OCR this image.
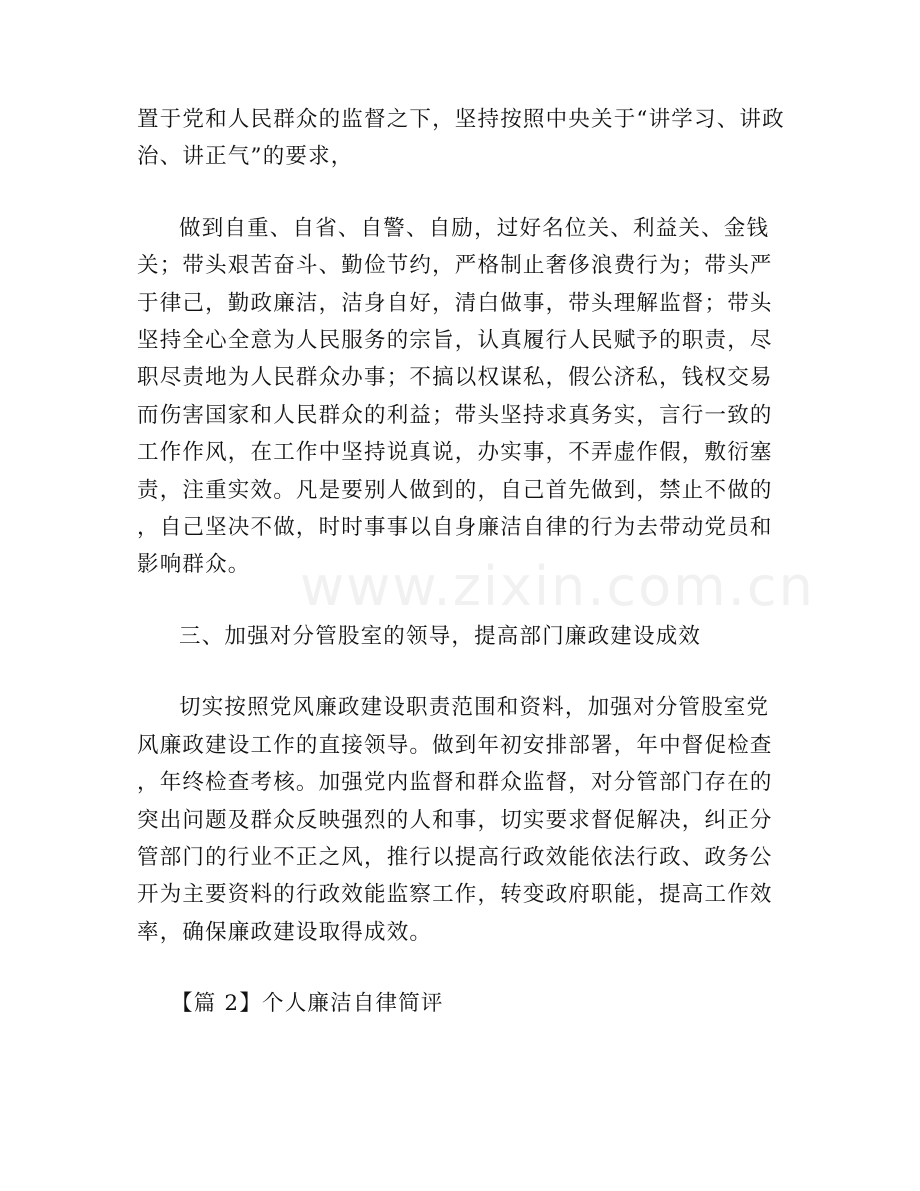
置于党和人民群众的监督之下，坚持按照中央关于“讲学习、讲政
治、讲正气”的要求，

做到自重、自省、自警、自励，过好名位关、利益关、金钱
关；带头艰苦奋斗、勤俭节约，严格制止奢侈浪费行为；带头严
于律己，勤政廉洁，洁身自好，清白做事，带头理解监督；带头
坚持全心全意为人民服务的宗旨，认真履行人民赋予的职责，尽
职尽责地为人民群众办事；不搞以权谋私，假公济私，钱权交易
而伤害国家和人民群众的利益；带头坚持求真务实，言行一致的
工作作风，在工作中坚持说真说，办实事，不弄虚作假，敷衍塞
责，注重实效。凡是要别人做到的，自己首先做到，禁止不做的
，自己坚决不做，时时事事以自身廉洁自律的行为去带动党员和
影响群众。

三、加强对分管股室的领导，提高部门廉政建设成效

切实按照党风廉政建设职责范围和资料，加强对分管股室党
风廉政建设工作的直接领导。做到年初安排部署，年中督促检查
，年终检查考核。加强党内监督和群众监督，对分管部门存在的
突出问题及群众反映强烈的人和事，切实要求督促解决，纠正分
管部门的行业不正之风，推行以提高行政效能依法行政、政务公
开为主要资料的行政效能监察工作，转变政府职能，提高工作效
率，确保廉政建设取得成效。

【篇 2】个人廉洁自律简评

www.zixin.com.cn
